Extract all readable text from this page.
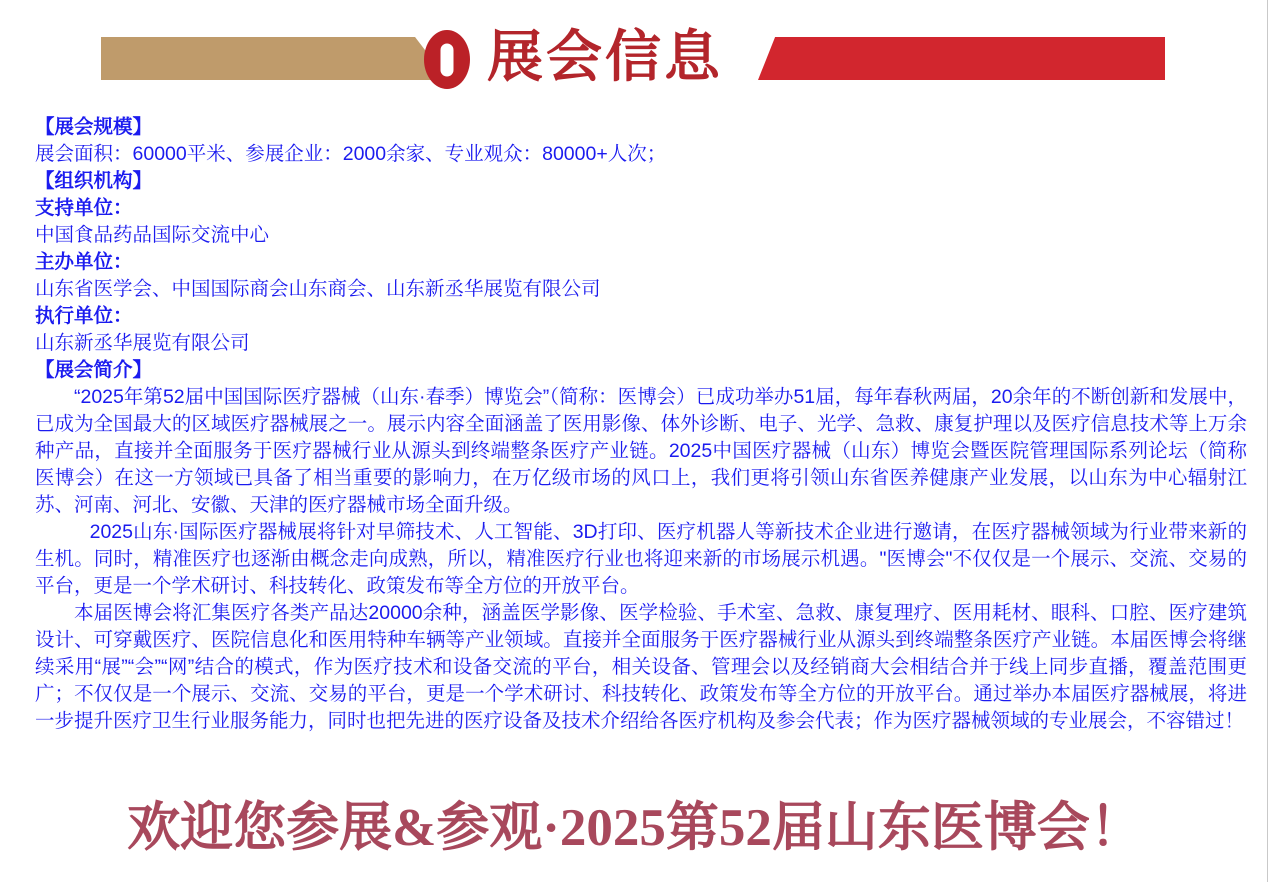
展会信息
【展会规模】
展会面积：60000平米、参展企业：2000余家、专业观众：80000+人次；
【组织机构】
支持单位：
中国食品药品国际交流中心
主办单位：
山东省医学会、中国国际商会山东商会、山东新丞华展览有限公司
执行单位：
山东新丞华展览有限公司
【展会简介】

“2025年第52届中国国际医疗器械（山东·春季）博览会”（简称：医博会）已成功举办51届，每年春秋两届，20余年的不断创新和发展中，已成为全国最大的区域医疗器械展之一。展示内容全面涵盖了医用影像、体外诊断、电子、光学、急救、康复护理以及医疗信息技术等上万余种产品，直接并全面服务于医疗器械行业从源头到终端整条医疗产业链。2025中国医疗器械（山东）博览会暨医院管理国际系列论坛（简称医博会）在这一方领域已具备了相当重要的影响力，在万亿级市场的风口上，我们更将引领山东省医养健康产业发展，以山东为中心辐射江苏、河南、河北、安徽、天津的医疗器械市场全面升级。

2025山东·国际医疗器械展将针对早筛技术、人工智能、3D打印、医疗机器人等新技术企业进行邀请，在医疗器械领域为行业带来新的生机。同时，精准医疗也逐渐由概念走向成熟，所以，精准医疗行业也将迎来新的市场展示机遇。"医博会"不仅仅是一个展示、交流、交易的平台，更是一个学术研讨、科技转化、政策发布等全方位的开放平台。

本届医博会将汇集医疗各类产品达20000余种，涵盖医学影像、医学检验、手术室、急救、康复理疗、医用耗材、眼科、口腔、医疗建筑设计、可穿戴医疗、医院信息化和医用特种车辆等产业领域。直接并全面服务于医疗器械行业从源头到终端整条医疗产业链。本届医博会将继续采用“展”“会”“网”结合的模式，作为医疗技术和设备交流的平台，相关设备、管理会以及经销商大会相结合并于线上同步直播，覆盖范围更广；不仅仅是一个展示、交流、交易的平台，更是一个学术研讨、科技转化、政策发布等全方位的开放平台。通过举办本届医疗器械展，将进一步提升医疗卫生行业服务能力，同时也把先进的医疗设备及技术介绍给各医疗机构及参会代表；作为医疗器械领域的专业展会，不容错过！

欢迎您参展&参观·2025第52届山东医博会！
